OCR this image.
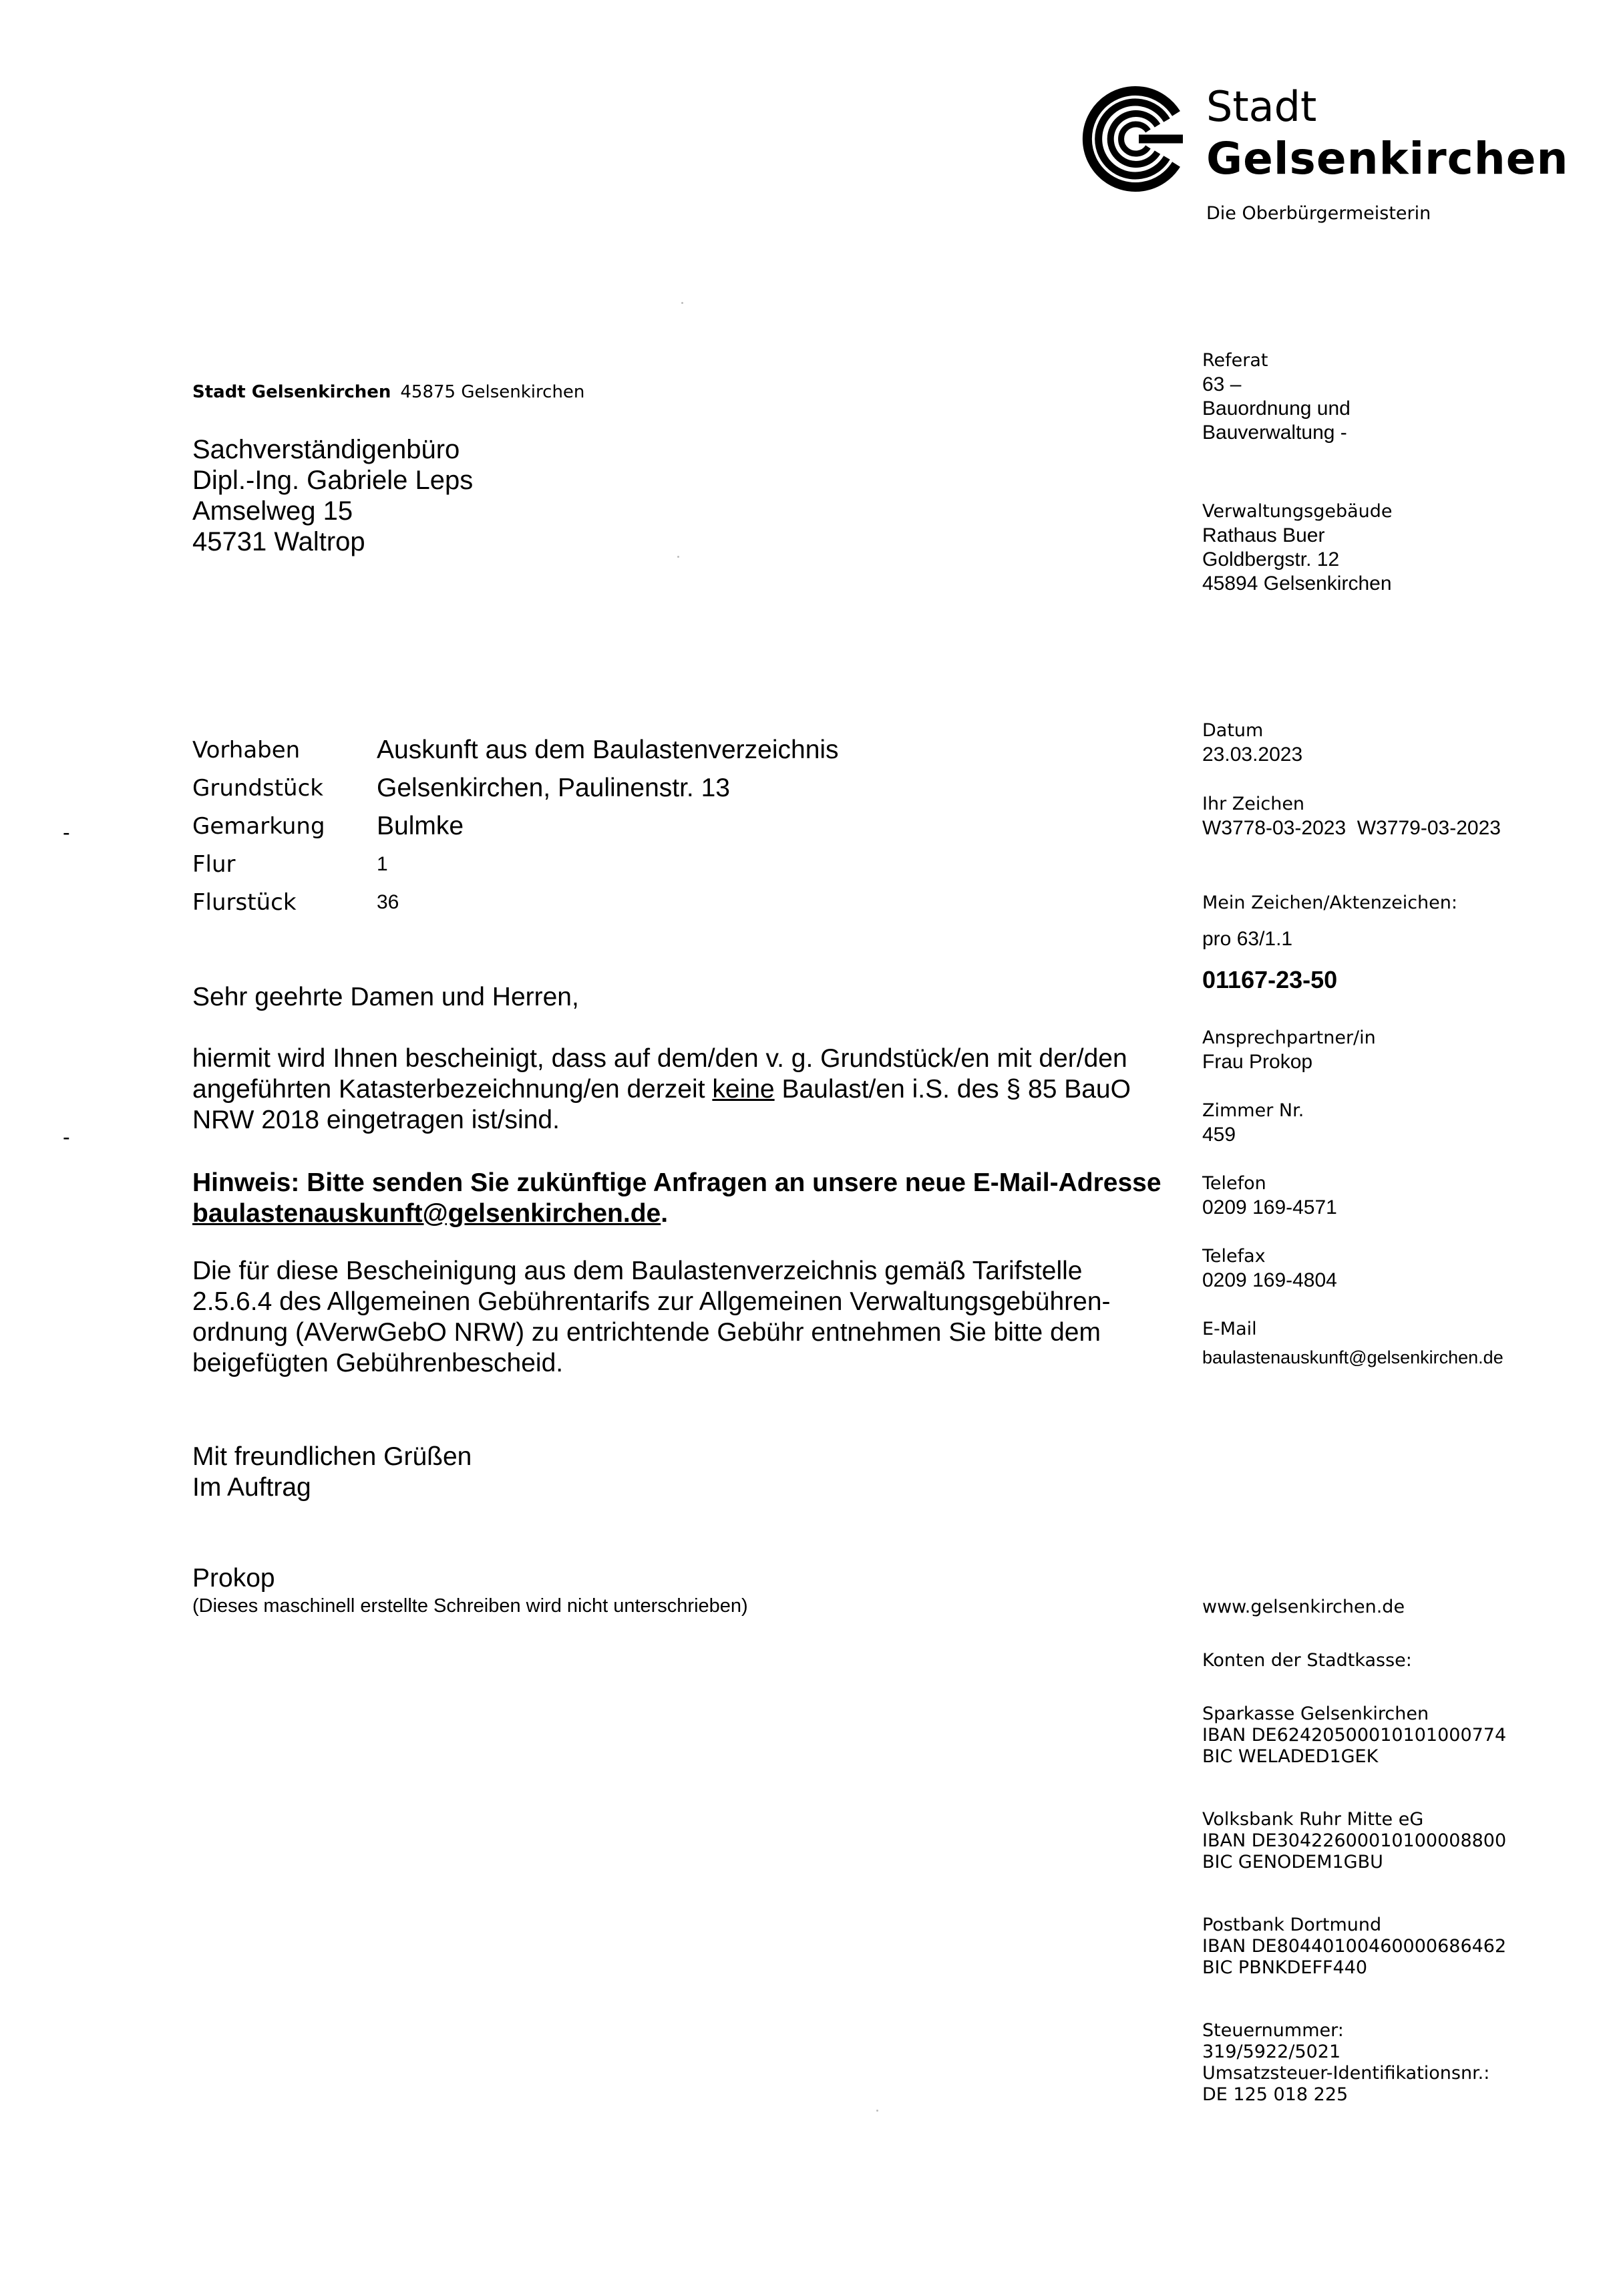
Stadt
Gelsenkirchen
Die Oberbürgermeisterin
Stadt Gelsenkirchen 45875 Gelsenkirchen
Sachverständigenbüro
Dipl.-Ing. Gabriele Leps
Amselweg 15
45731 Waltrop
Referat
63 –
Bauordnung und
Bauverwaltung -
Verwaltungsgebäude
Rathaus Buer
Goldbergstr. 12
45894 Gelsenkirchen
Datum
23.03.2023
Ihr Zeichen
W3778-03-2023  W3779-03-2023
Mein Zeichen/Aktenzeichen:
pro 63/1.1
01167-23-50
Ansprechpartner/in
Frau Prokop
Zimmer Nr.
459
Telefon
0209 169-4571
Telefax
0209 169-4804
E-Mail
baulastenauskunft@gelsenkirchen.de
Vorhaben	Auskunft aus dem Baulastenverzeichnis
Grundstück	Gelsenkirchen, Paulinenstr. 13
Gemarkung	Bulmke
Flur	1
Flurstück	36
Sehr geehrte Damen und Herren,

hiermit wird Ihnen bescheinigt, dass auf dem/den v. g. Grundstück/en mit der/den angeführten Katasterbezeichnung/en derzeit keine Baulast/en i.S. des § 85 BauO NRW 2018 eingetragen ist/sind.

Hinweis: Bitte senden Sie zukünftige Anfragen an unsere neue E-Mail-Adresse baulastenauskunft@gelsenkirchen.de.

Die für diese Bescheinigung aus dem Baulastenverzeichnis gemäß Tarifstelle 2.5.6.4 des Allgemeinen Gebührentarifs zur Allgemeinen Verwaltungsgebühren-ordnung (AVerwGebO NRW) zu entrichtende Gebühr entnehmen Sie bitte dem beigefügten Gebührenbescheid.

Mit freundlichen Grüßen
Im Auftrag
Prokop
(Dieses maschinell erstellte Schreiben wird nicht unterschrieben)	www.gelsenkirchen.de
Konten der Stadtkasse:
Sparkasse Gelsenkirchen
IBAN DE62420500010101000774
BIC WELADED1GEK
Volksbank Ruhr Mitte eG
IBAN DE30422600010100008800
BIC GENODEM1GBU
Postbank Dortmund
IBAN DE80440100460000686462
BIC PBNKDEFF440
Steuernummer:
319/5922/5021
Umsatzsteuer-Identifikationsnr.:
DE 125 018 225
-
-
